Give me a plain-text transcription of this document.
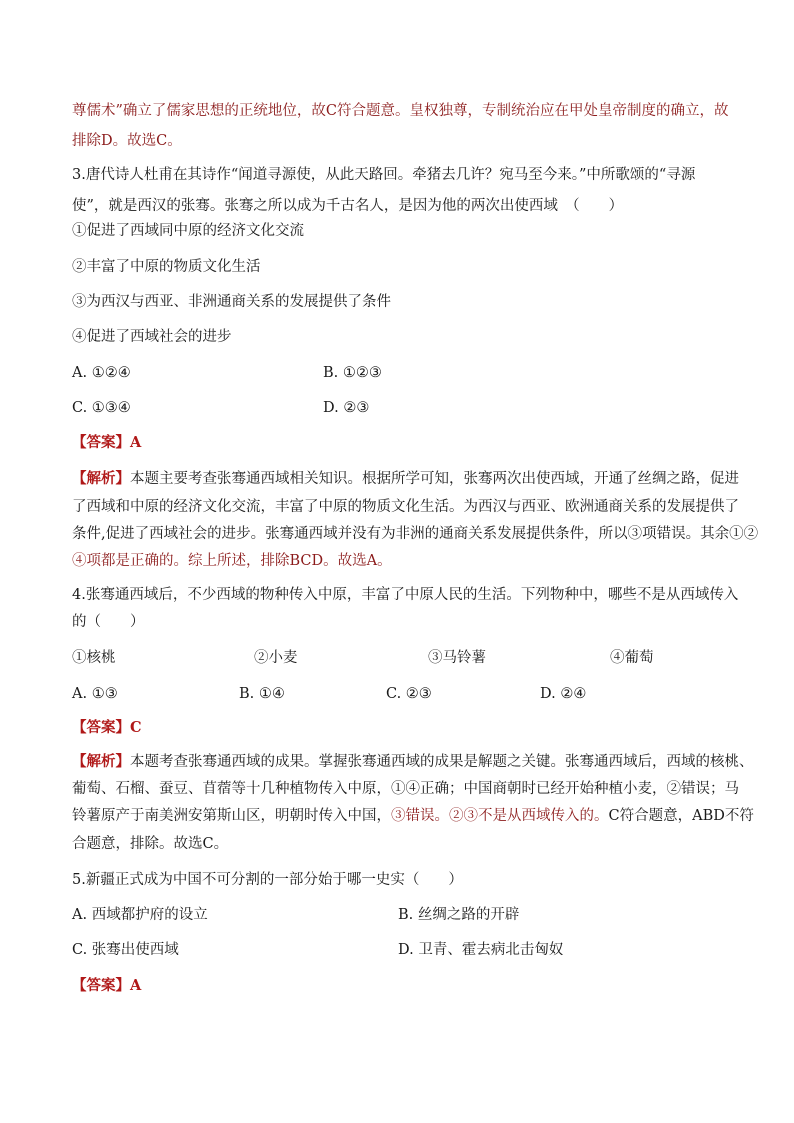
尊儒术”确立了儒家思想的正统地位，故C符合题意。皇权独尊，专制统治应在甲处皇帝制度的确立，故
排除D。故选C。
3.唐代诗人杜甫在其诗作“闻道寻源使，从此天路回。牵猪去几许？宛马至今来。”中所歌颂的“寻源
使”，就是西汉的张骞。张骞之所以成为千古名人，是因为他的两次出使西域　（　　）
①促进了西域同中原的经济文化交流
②丰富了中原的物质文化生活
③为西汉与西亚、非洲通商关系的发展提供了条件
④促进了西域社会的进步
A. ①②④	B. ①②③
C. ①③④	D. ②③
【答案】A
【解析】本题主要考查张骞通西域相关知识。根据所学可知，张骞两次出使西域，开通了丝绸之路，促进
了西域和中原的经济文化交流，丰富了中原的物质文化生活。为西汉与西亚、欧洲通商关系的发展提供了
条件,促进了西域社会的进步。张骞通西域并没有为非洲的通商关系发展提供条件，所以③项错误。其余①②
④项都是正确的。综上所述，排除BCD。故选A。
4.张骞通西域后，不少西域的物种传入中原，丰富了中原人民的生活。下列物种中，哪些不是从西域传入
的（　　）
①核桃	②小麦	③马铃薯	④葡萄
A. ①③	B. ①④	C. ②③	D. ②④
【答案】C
【解析】本题考查张骞通西域的成果。掌握张骞通西域的成果是解题之关键。张骞通西域后，西域的核桃、
葡萄、石榴、蚕豆、苜蓿等十几种植物传入中原，①④正确；中国商朝时已经开始种植小麦，②错误；马
铃薯原产于南美洲安第斯山区，明朝时传入中国，③错误。②③不是从西域传入的。C符合题意，ABD不符
合题意，排除。故选C。
5.新疆正式成为中国不可分割的一部分始于哪一史实（　　）
A. 西域都护府的设立	B. 丝绸之路的开辟
C. 张骞出使西域	D. 卫青、霍去病北击匈奴
【答案】A
